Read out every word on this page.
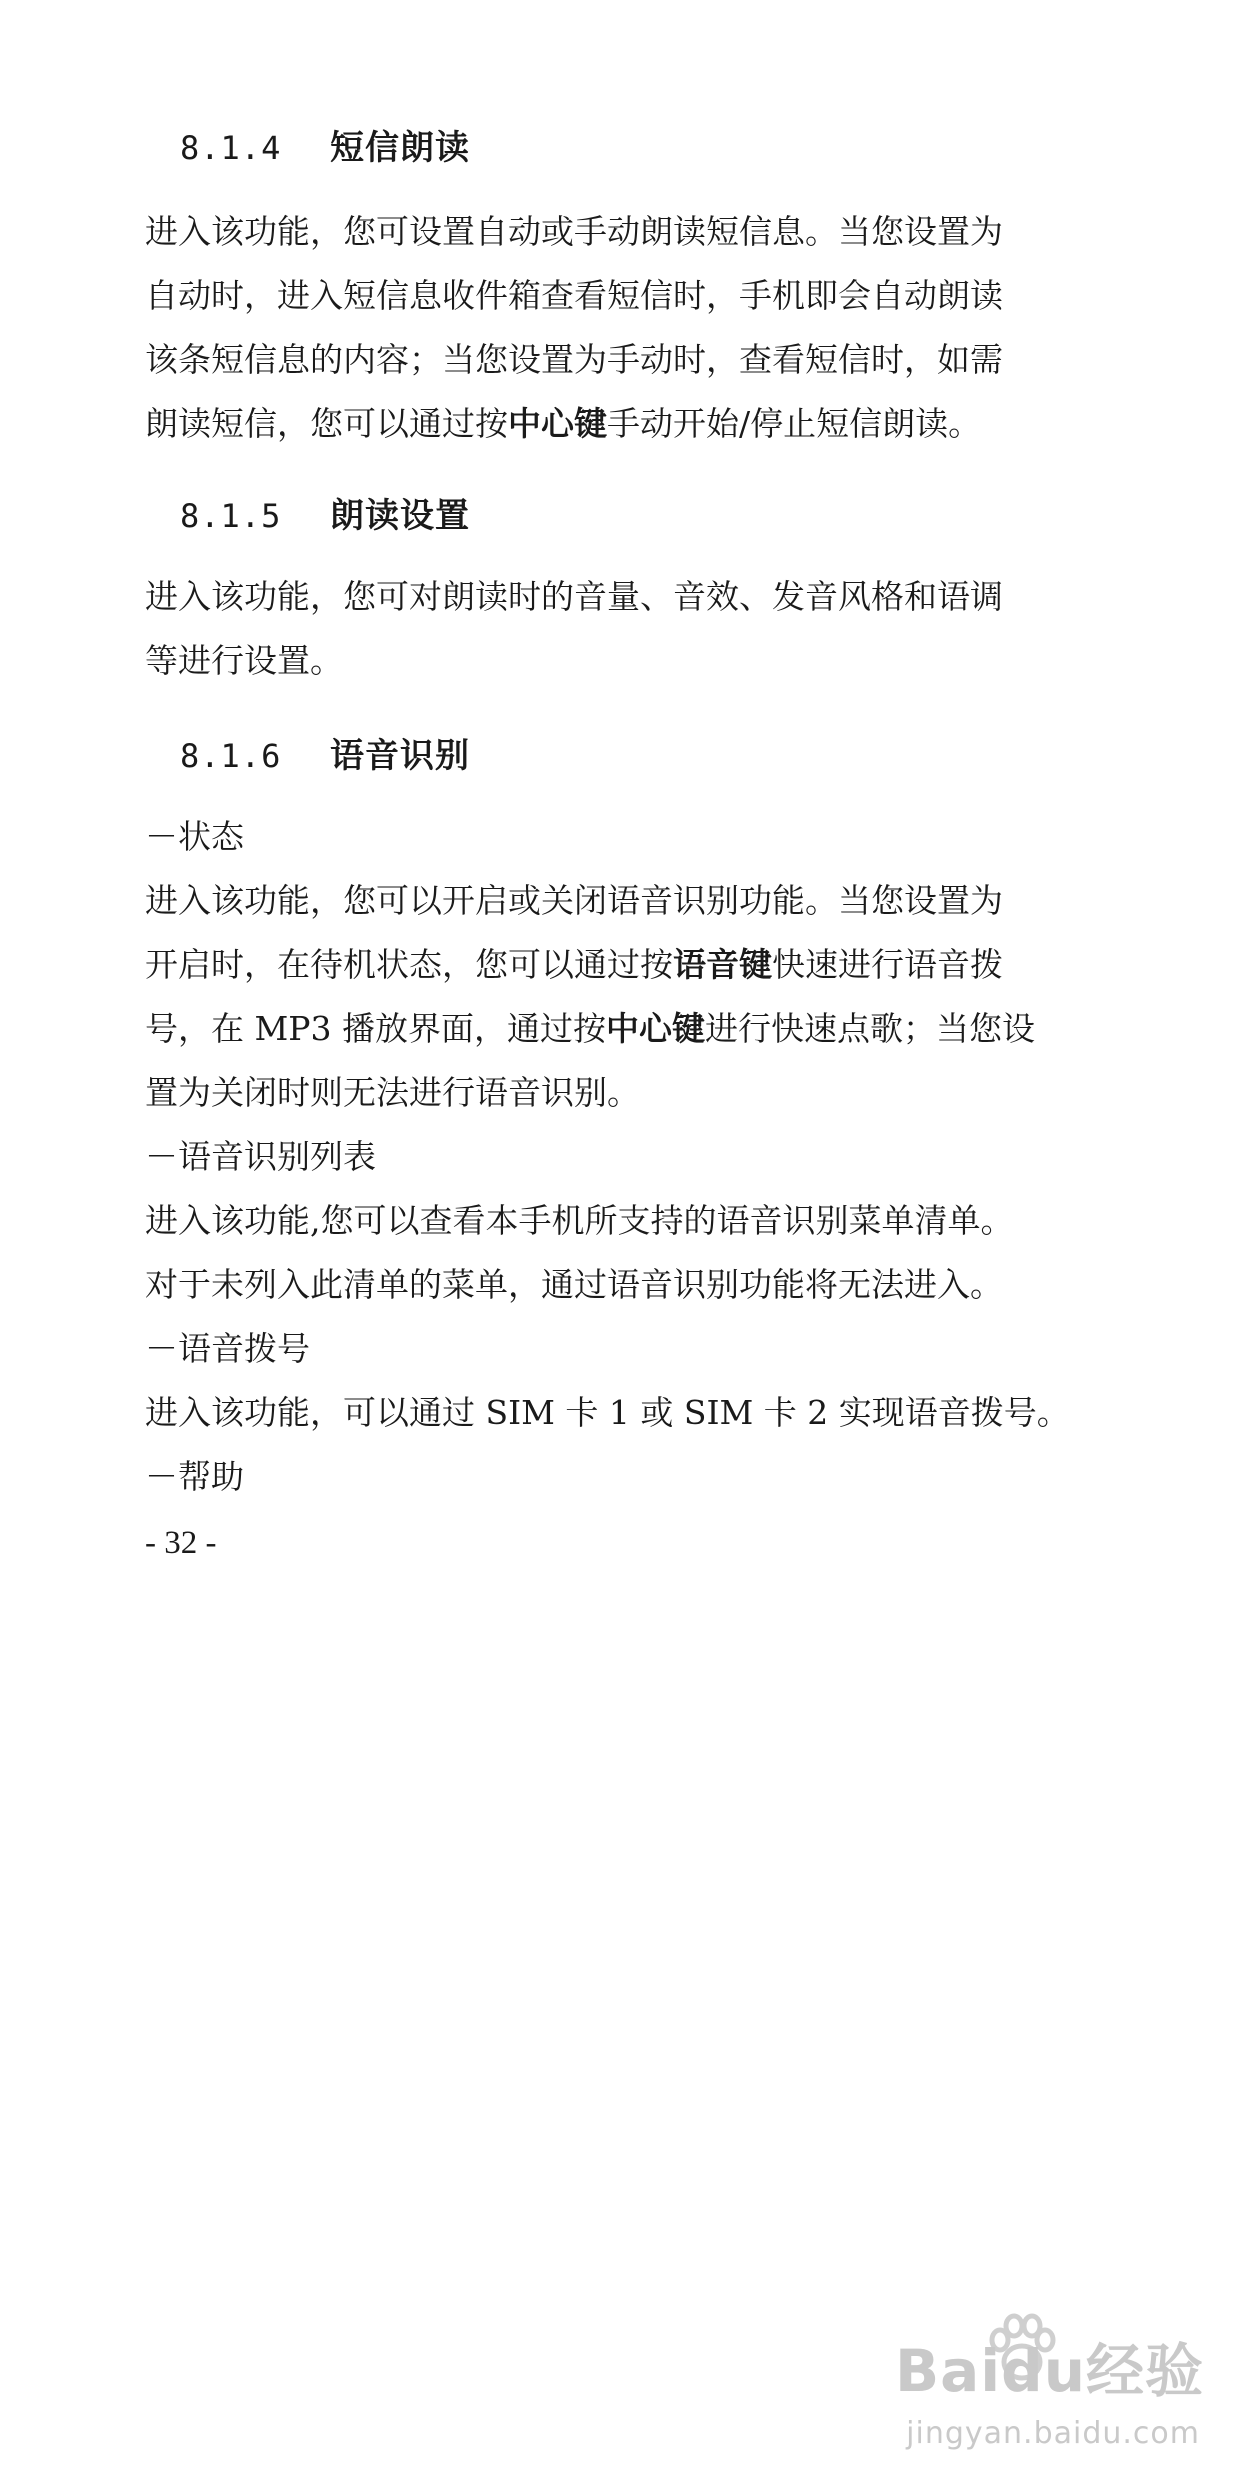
8.1.4 短信朗读

进入该功能，您可设置自动或手动朗读短信息。当您设置为

自动时，进入短信息收件箱查看短信时，手机即会自动朗读

该条短信息的内容；当您设置为手动时，查看短信时，如需

朗读短信，您可以通过按中心键手动开始/停止短信朗读。

8.1.5 朗读设置

进入该功能，您可对朗读时的音量、音效、发音风格和语调

等进行设置。

8.1.6 语音识别

－状态

进入该功能，您可以开启或关闭语音识别功能。当您设置为

开启时，在待机状态，您可以通过按语音键快速进行语音拨

号，在 MP3 播放界面，通过按中心键进行快速点歌；当您设

置为关闭时则无法进行语音识别。

－语音识别列表

进入该功能,您可以查看本手机所支持的语音识别菜单清单。

对于未列入此清单的菜单，通过语音识别功能将无法进入。

－语音拨号

进入该功能，可以通过 SIM 卡 1 或 SIM 卡 2 实现语音拨号。

－帮助

- 32 -
Baidu经验
jingyan.baidu.com
